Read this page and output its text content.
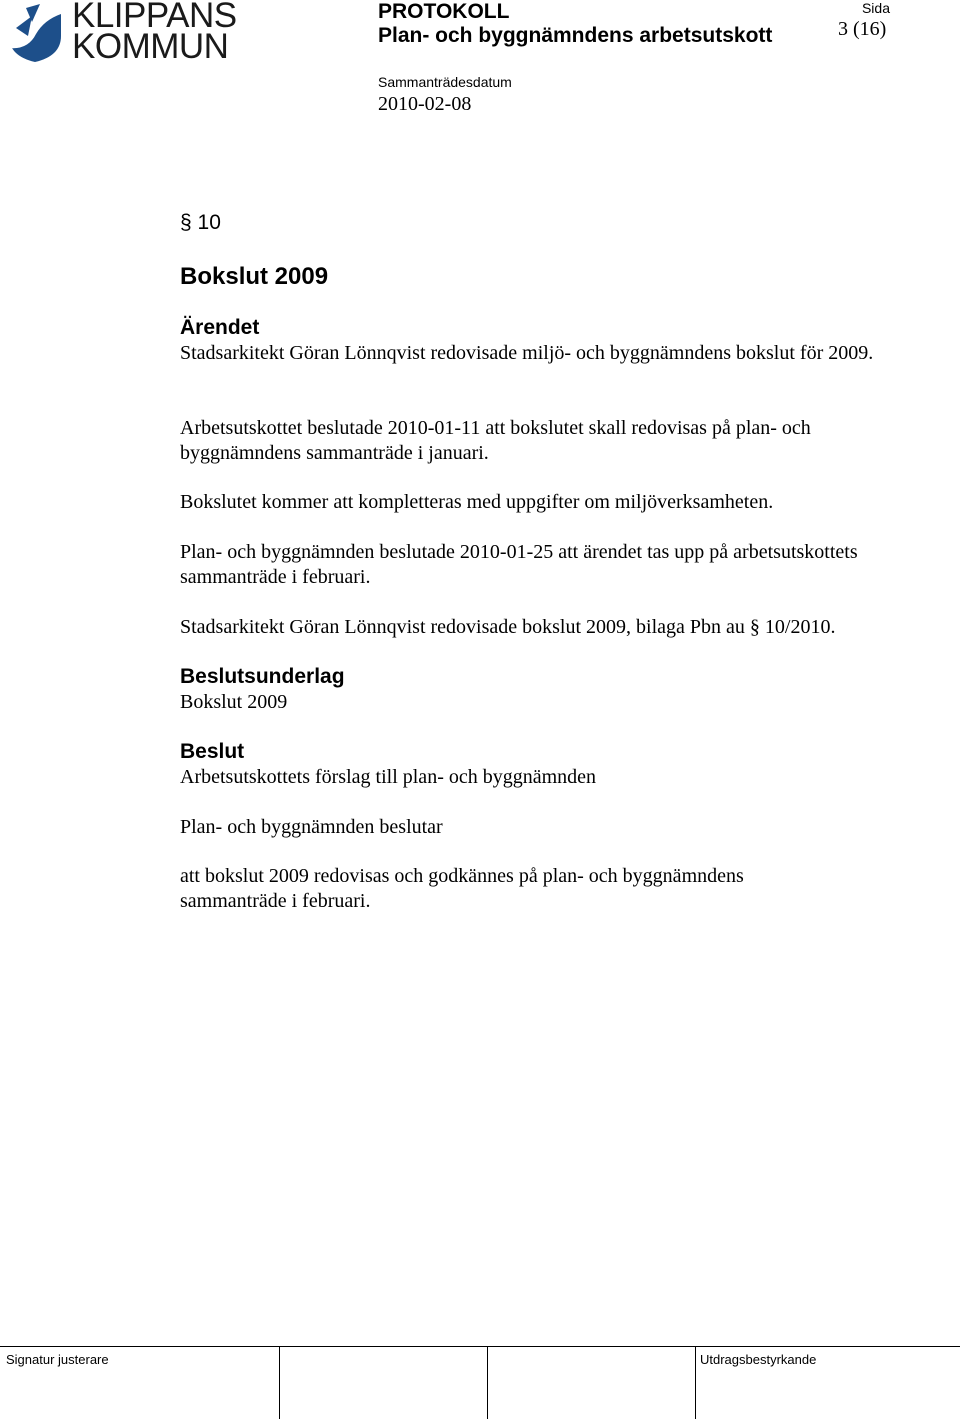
KLIPPANS
KOMMUN
PROTOKOLL
Plan- och byggnämndens arbetsutskott
Sida
3 (16)
Sammanträdesdatum
2010-02-08
§ 10
Bokslut 2009
Ärendet
Stadsarkitekt Göran Lönnqvist redovisade miljö- och byggnämndens bokslut för 2009.
Arbetsutskottet beslutade 2010-01-11 att bokslutet skall redovisas på plan- och byggnämndens sammanträde i januari.
Bokslutet kommer att kompletteras med uppgifter om miljöverksamheten.
Plan- och byggnämnden beslutade 2010-01-25 att ärendet tas upp på arbetsutskottets sammanträde i februari.
Stadsarkitekt Göran Lönnqvist redovisade bokslut 2009, bilaga Pbn au § 10/2010.
Beslutsunderlag
Bokslut 2009
Beslut
Arbetsutskottets förslag till plan- och byggnämnden
Plan- och byggnämnden beslutar
att bokslut 2009 redovisas och godkännes på plan- och byggnämndens sammanträde i februari.
Signatur justerare	Utdragsbestyrkande
